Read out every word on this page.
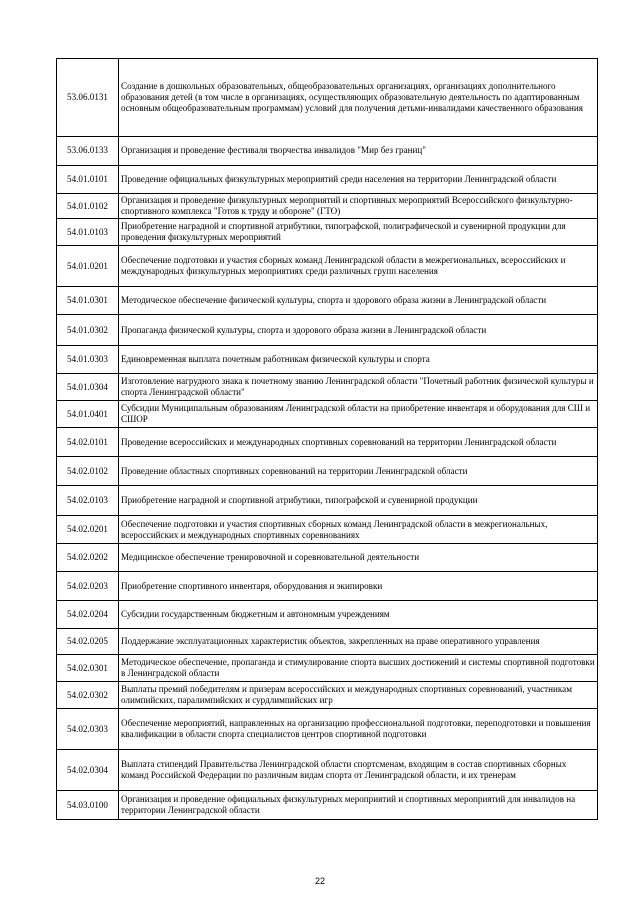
53.06.0131	Создание в дошкольных образовательных, общеобразовательных организациях, организациях дополнительного образования детей (в том числе в организациях, осуществляющих образовательную деятельность по адаптированным основным общеобразовательным программам) условий для получения детьми-инвалидами качественного образования
53.06.0133	Организация и проведение фестиваля творчества инвалидов "Мир без границ"
54.01.0101	Проведение официальных физкультурных мероприятий среди населения на территории Ленинградской области
54.01.0102	Организация и проведение физкультурных мероприятий и спортивных мероприятий Всероссийского физкультурно-спортивного комплекса "Готов к труду и обороне" (ГТО)
54.01.0103	Приобретение наградной и спортивной атрибутики, типографской, полиграфической и сувенирной продукции для проведения физкультурных мероприятий
54.01.0201	Обеспечение подготовки и участия сборных команд Ленинградской области в межрегиональных, всероссийских и международных физкультурных мероприятиях среди различных групп населения
54.01.0301	Методическое обеспечение физической культуры, спорта и здорового образа жизни в Ленинградской области
54.01.0302	Пропаганда физической культуры, спорта и здорового образа жизни в Ленинградской области
54.01.0303	Единовременная выплата почетным работникам физической культуры и спорта
54.01.0304	Изготовление нагрудного знака к почетному званию Ленинградской области "Почетный работник физической культуры и спорта Ленинградской области"
54.01.0401	Субсидии Муниципальным образованиям Ленинградской области на приобретение инвентаря и оборудования для СШ и СШОР
54.02.0101	Проведение всероссийских и международных спортивных соревнований на территории Ленинградской области
54.02.0102	Проведение областных спортивных соревнований на территории Ленинградской области
54.02.0103	Приобретение наградной и спортивной атрибутики, типографской и сувенирной продукции
54.02.0201	Обеспечение подготовки и участия спортивных сборных команд Ленинградской области в межрегиональных, всероссийских и международных спортивных соревнованиях
54.02.0202	Медицинское обеспечение тренировочной и соревновательной деятельности
54.02.0203	Приобретение спортивного инвентаря, оборудования и экипировки
54.02.0204	Субсидии государственным бюджетным и автономным учреждениям
54.02.0205	Поддержание эксплуатационных характеристик объектов, закрепленных на праве оперативного управления
54.02.0301	Методическое обеспечение, пропаганда и стимулирование спорта высших достижений и системы спортивной подготовки в Ленинградской области
54.02.0302	Выплаты премий победителям и призерам всероссийских и международных спортивных соревнований, участникам олимпийских, паралимпийских и сурдлимпийских игр
54.02.0303	Обеспечение мероприятий, направленных на организацию профессиональной подготовки, переподготовки и повышения квалификации в области спорта специалистов центров спортивной подготовки
54.02.0304	Выплата стипендий Правительства Ленинградской области спортсменам, входящим в состав спортивных сборных команд Российской Федерации по различным видам спорта от Ленинградской области, и их тренерам
54.03.0100	Организация и проведение официальных физкультурных мероприятий и спортивных мероприятий для инвалидов на территории Ленинградской области
22
